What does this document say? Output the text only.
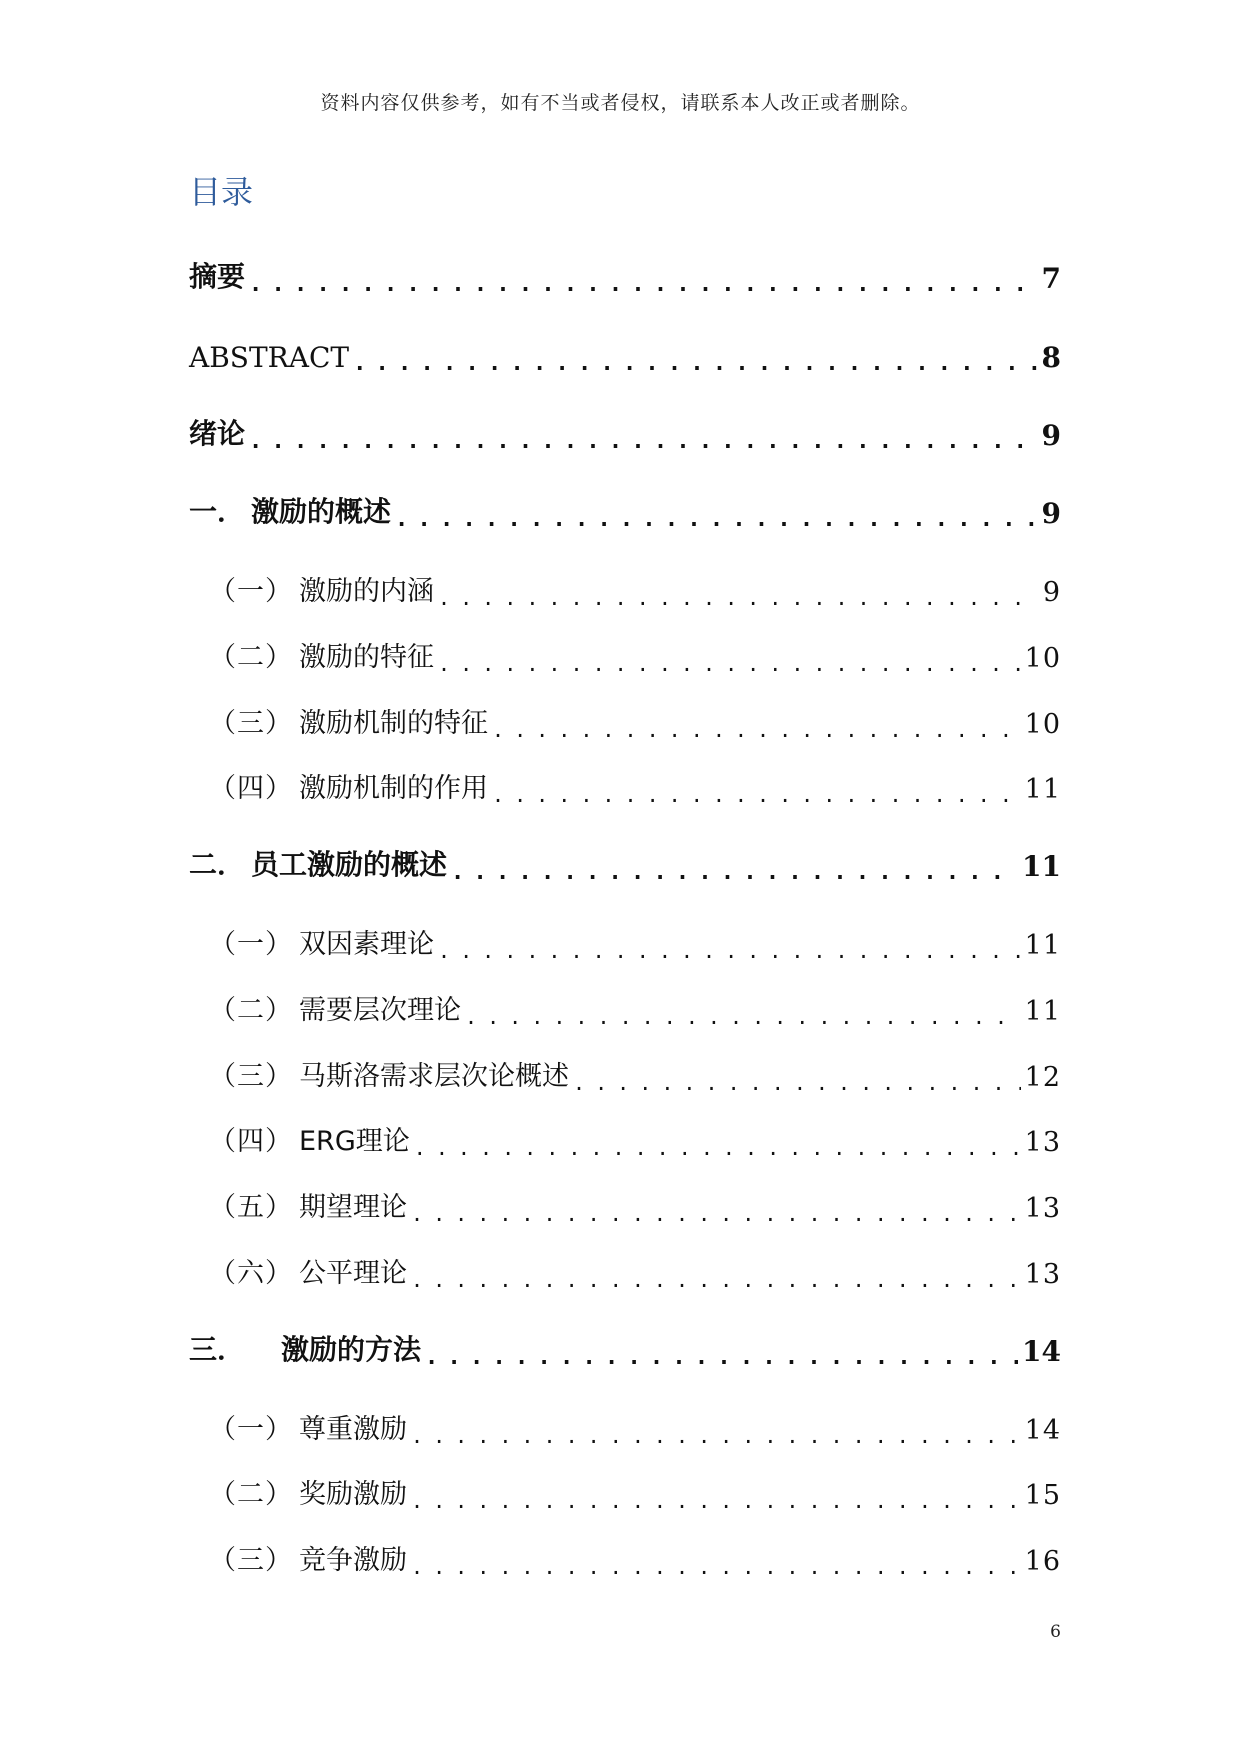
资料内容仅供参考，如有不当或者侵权，请联系本人改正或者删除。
目录
摘要 . . .	7
ABSTRACT . . .	8
绪论 . . .	9
一． 激励的概述 . . .	9
（一） 激励的内涵 . . .	9
（二） 激励的特征 . . .	10
（三） 激励机制的特征 . . .	10
（四） 激励机制的作用 . . .	11
二． 员工激励的概述 . . .	11
（一） 双因素理论 . . .	11
（二） 需要层次理论 . . .	11
（三） 马斯洛需求层次论概述 . . .	12
（四） ERG理论 . . .	13
（五） 期望理论 . . .	13
（六） 公平理论 . . .	13
三．	激励的方法 . . .	14
（一） 尊重激励 . . .	14
（二） 奖励激励 . . .	15
（三） 竞争激励 . . .	16
6
